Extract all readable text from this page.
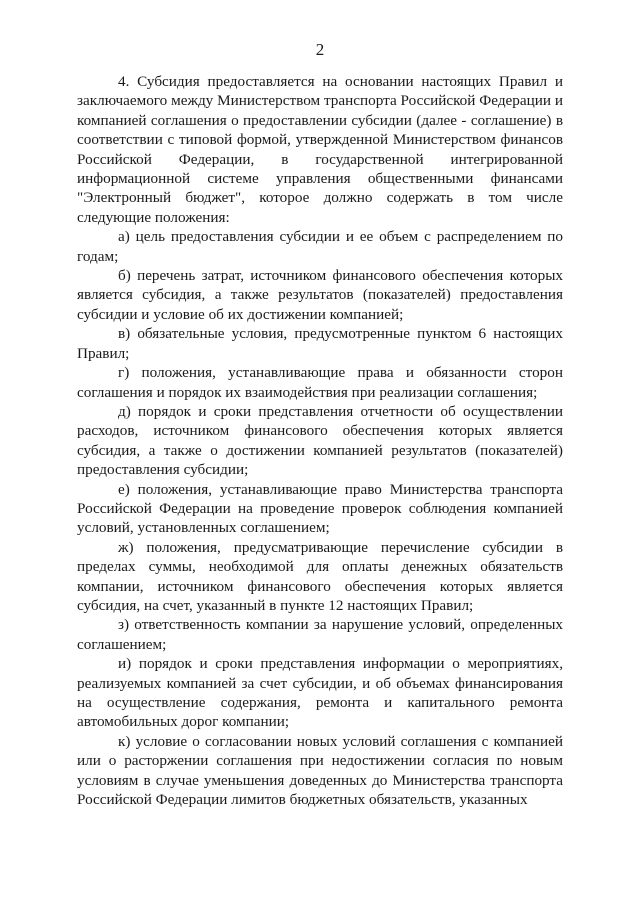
2

4. Субсидия предоставляется на основании настоящих Правил и заключаемого между Министерством транспорта Российской Федерации и компанией соглашения о предоставлении субсидии (далее - соглашение) в соответствии с типовой формой, утвержденной Министерством финансов Российской Федерации, в государственной интегрированной информационной системе управления общественными финансами "Электронный бюджет", которое должно содержать в том числе следующие положения:

а) цель предоставления субсидии и ее объем с распределением по годам;

б) перечень затрат, источником финансового обеспечения которых является субсидия, а также результатов (показателей) предоставления субсидии и условие об их достижении компанией;

в) обязательные условия, предусмотренные пунктом 6 настоящих Правил;

г) положения, устанавливающие права и обязанности сторон соглашения и порядок их взаимодействия при реализации соглашения;

д) порядок и сроки представления отчетности об осуществлении расходов, источником финансового обеспечения которых является субсидия, а также о достижении компанией результатов (показателей) предоставления субсидии;

е) положения, устанавливающие право Министерства транспорта Российской Федерации на проведение проверок соблюдения компанией условий, установленных соглашением;

ж) положения, предусматривающие перечисление субсидии в пределах суммы, необходимой для оплаты денежных обязательств компании, источником финансового обеспечения которых является субсидия, на счет, указанный в пункте 12 настоящих Правил;

з) ответственность компании за нарушение условий, определенных соглашением;

и) порядок и сроки представления информации о мероприятиях, реализуемых компанией за счет субсидии, и об объемах финансирования на осуществление содержания, ремонта и капитального ремонта автомобильных дорог компании;

к) условие о согласовании новых условий соглашения с компанией или о расторжении соглашения при недостижении согласия по новым условиям в случае уменьшения доведенных до Министерства транспорта Российской Федерации лимитов бюджетных обязательств, указанных
